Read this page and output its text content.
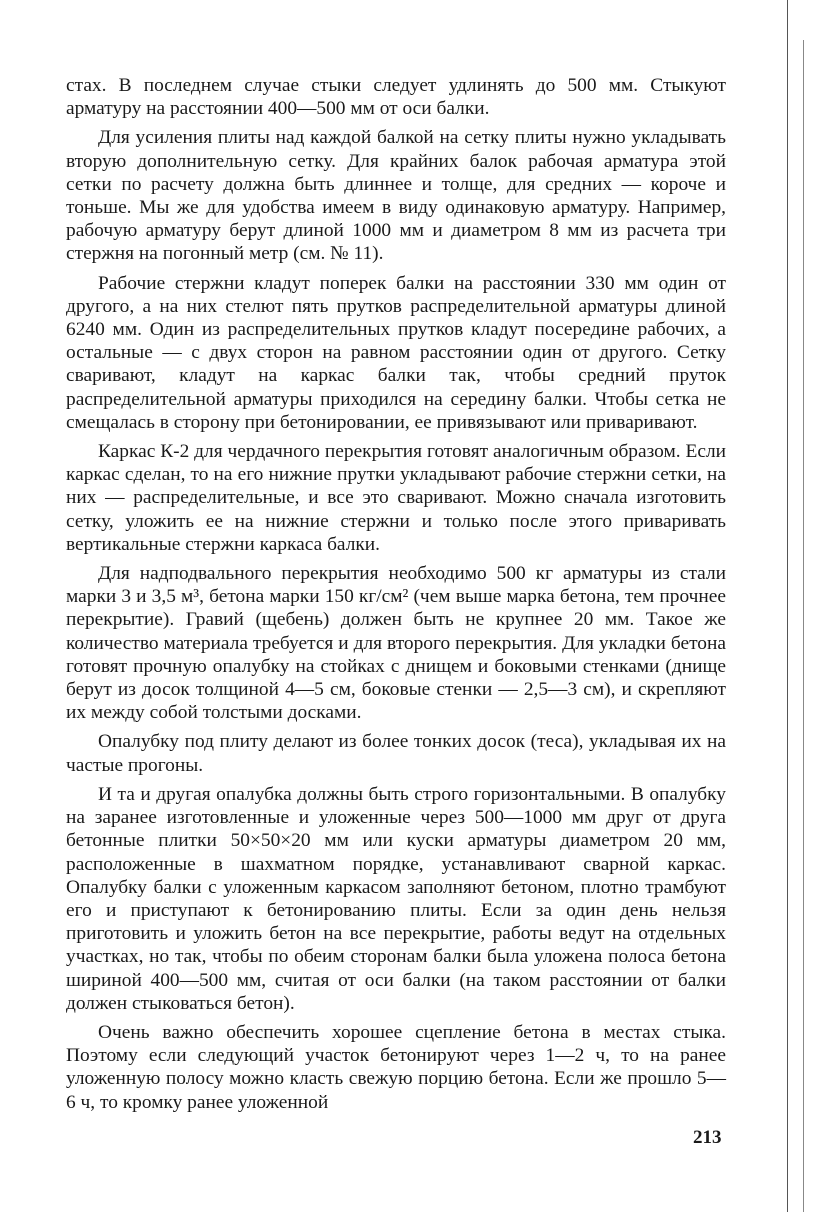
стах. В последнем случае стыки следует удлинять до 500 мм. Стыкуют арматуру на расстоянии 400—500 мм от оси балки.

Для усиления плиты над каждой балкой на сетку плиты нужно укладывать вторую дополнительную сетку. Для крайних балок рабочая арматура этой сетки по расчету должна быть длиннее и толще, для средних — короче и тоньше. Мы же для удобства имеем в виду одинаковую арматуру. Например, рабочую арматуру берут длиной 1000 мм и диаметром 8 мм из расчета три стержня на погонный метр (см. № 11).

Рабочие стержни кладут поперек балки на расстоянии 330 мм один от другого, а на них стелют пять прутков распределительной арматуры длиной 6240 мм. Один из распределительных прутков кладут посередине рабочих, а остальные — с двух сторон на равном расстоянии один от другого. Сетку сваривают, кладут на каркас балки так, чтобы средний пруток распределительной арматуры приходился на середину балки. Чтобы сетка не смещалась в сторону при бетонировании, ее привязывают или приваривают.

Каркас К-2 для чердачного перекрытия готовят аналогичным образом. Если каркас сделан, то на его нижние прутки укладывают рабочие стержни сетки, на них — распределительные, и все это сваривают. Можно сначала изготовить сетку, уложить ее на нижние стержни и только после этого приваривать вертикальные стержни каркаса балки.

Для надподвального перекрытия необходимо 500 кг арматуры из стали марки 3 и 3,5 м³, бетона марки 150 кг/см² (чем выше марка бетона, тем прочнее перекрытие). Гравий (щебень) должен быть не крупнее 20 мм. Такое же количество материала требуется и для второго перекрытия. Для укладки бетона готовят прочную опалубку на стойках с днищем и боковыми стенками (днище берут из досок толщиной 4—5 см, боковые стенки — 2,5—3 см), и скрепляют их между собой толстыми досками.

Опалубку под плиту делают из более тонких досок (теса), укладывая их на частые прогоны.

И та и другая опалубка должны быть строго горизонтальными. В опалубку на заранее изготовленные и уложенные через 500—1000 мм друг от друга бетонные плитки 50×50×20 мм или куски арматуры диаметром 20 мм, расположенные в шахматном порядке, устанавливают сварной каркас. Опалубку балки с уложенным каркасом заполняют бетоном, плотно трамбуют его и приступают к бетонированию плиты. Если за один день нельзя приготовить и уложить бетон на все перекрытие, работы ведут на отдельных участках, но так, чтобы по обеим сторонам балки была уложена полоса бетона шириной 400—500 мм, считая от оси балки (на таком расстоянии от балки должен стыковаться бетон).

Очень важно обеспечить хорошее сцепление бетона в местах стыка. Поэтому если следующий участок бетонируют через 1—2 ч, то на ранее уложенную полосу можно класть свежую порцию бетона. Если же прошло 5—6 ч, то кромку ранее уложенной

213
